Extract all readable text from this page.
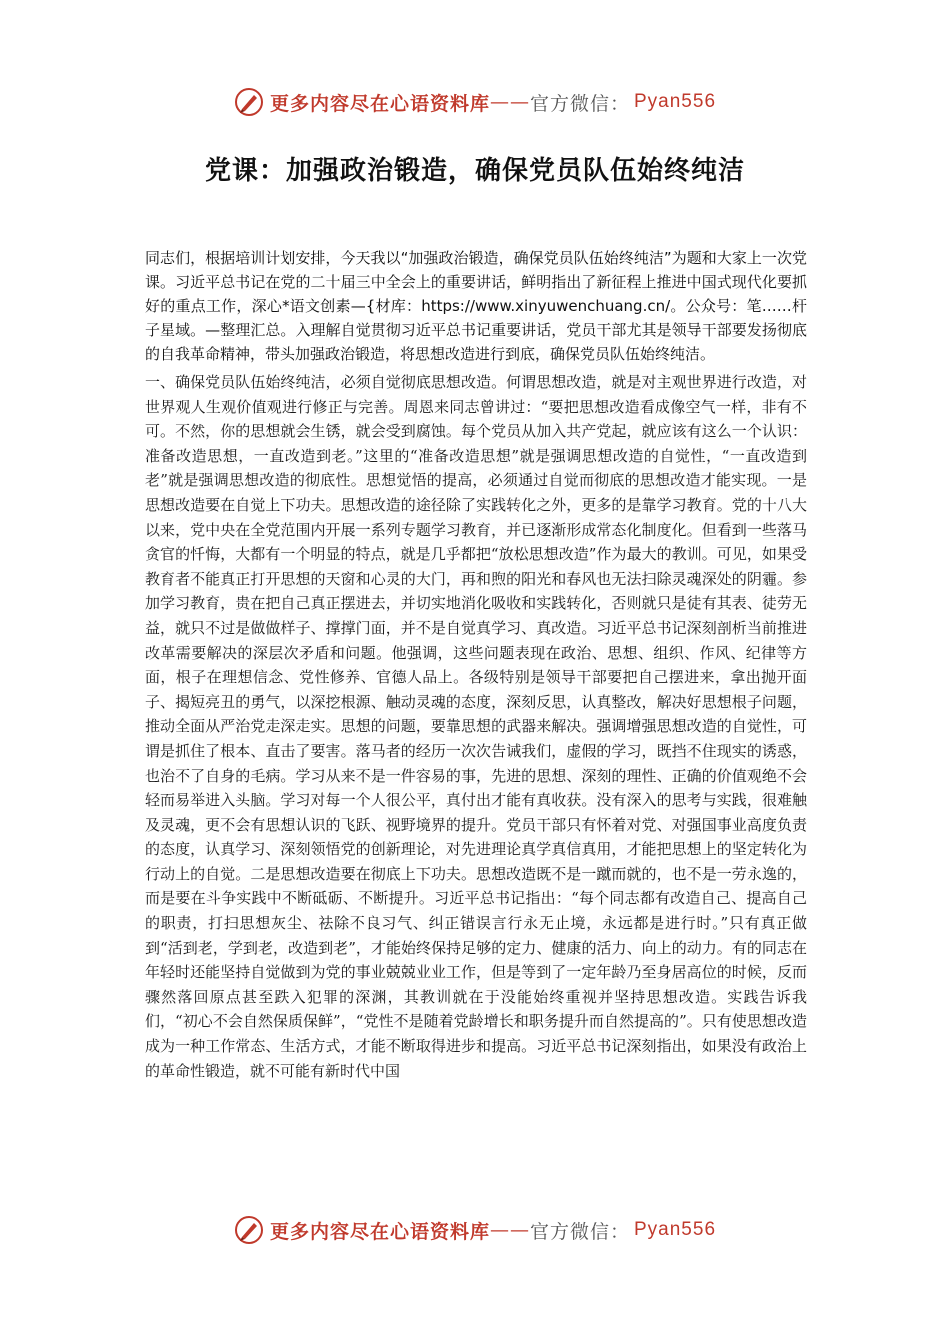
更多内容尽在心语资料库 —— 官方微信： Pyan556
党课：加强政治锻造，确保党员队伍始终纯洁

同志们，根据培训计划安排，今天我以“加强政治锻造，确保党员队伍始终纯洁”为题和大家上一次党课。习近平总书记在党的二十届三中全会上的重要讲话，鲜明指出了新征程上推进中国式现代化要抓好的重点工作，深心*语文创素—{材库：https://www.xinyuwenchuang.cn/。公众号：笔……杆子星域。—整理汇总。入理解自觉贯彻习近平总书记重要讲话，党员干部尤其是领导干部要发扬彻底的自我革命精神，带头加强政治锻造，将思想改造进行到底，确保党员队伍始终纯洁。

一、确保党员队伍始终纯洁，必须自觉彻底思想改造。何谓思想改造，就是对主观世界进行改造，对世界观人生观价值观进行修正与完善。周恩来同志曾讲过：“要把思想改造看成像空气一样，非有不可。不然，你的思想就会生锈，就会受到腐蚀。每个党员从加入共产党起，就应该有这么一个认识：准备改造思想，一直改造到老。”这里的“准备改造思想”就是强调思想改造的自觉性，“一直改造到老”就是强调思想改造的彻底性。思想觉悟的提高，必须通过自觉而彻底的思想改造才能实现。一是思想改造要在自觉上下功夫。思想改造的途径除了实践转化之外，更多的是靠学习教育。党的十八大以来，党中央在全党范围内开展一系列专题学习教育，并已逐渐形成常态化制度化。但看到一些落马贪官的忏悔，大都有一个明显的特点，就是几乎都把“放松思想改造”作为最大的教训。可见，如果受教育者不能真正打开思想的天窗和心灵的大门，再和煦的阳光和春风也无法扫除灵魂深处的阴霾。参加学习教育，贵在把自己真正摆进去，并切实地消化吸收和实践转化，否则就只是徒有其表、徒劳无益，就只不过是做做样子、撑撑门面，并不是自觉真学习、真改造。习近平总书记深刻剖析当前推进改革需要解决的深层次矛盾和问题。他强调，这些问题表现在政治、思想、组织、作风、纪律等方面，根子在理想信念、党性修养、官德人品上。各级特别是领导干部要把自己摆进来，拿出抛开面子、揭短亮丑的勇气，以深挖根源、触动灵魂的态度，深刻反思，认真整改，解决好思想根子问题，推动全面从严治党走深走实。思想的问题，要靠思想的武器来解决。强调增强思想改造的自觉性，可谓是抓住了根本、直击了要害。落马者的经历一次次告诫我们，虚假的学习，既挡不住现实的诱惑，也治不了自身的毛病。学习从来不是一件容易的事，先进的思想、深刻的理性、正确的价值观绝不会轻而易举进入头脑。学习对每一个人很公平，真付出才能有真收获。没有深入的思考与实践，很难触及灵魂，更不会有思想认识的飞跃、视野境界的提升。党员干部只有怀着对党、对强国事业高度负责的态度，认真学习、深刻领悟党的创新理论，对先进理论真学真信真用，才能把思想上的坚定转化为行动上的自觉。二是思想改造要在彻底上下功夫。思想改造既不是一蹴而就的，也不是一劳永逸的，而是要在斗争实践中不断砥砺、不断提升。习近平总书记指出：“每个同志都有改造自己、提高自己的职责，打扫思想灰尘、祛除不良习气、纠正错误言行永无止境，永远都是进行时。”只有真正做到“活到老，学到老，改造到老”，才能始终保持足够的定力、健康的活力、向上的动力。有的同志在年轻时还能坚持自觉做到为党的事业兢兢业业工作，但是等到了一定年龄乃至身居高位的时候，反而骤然落回原点甚至跌入犯罪的深渊，其教训就在于没能始终重视并坚持思想改造。实践告诉我们，“初心不会自然保质保鲜”，“党性不是随着党龄增长和职务提升而自然提高的”。只有使思想改造成为一种工作常态、生活方式，才能不断取得进步和提高。习近平总书记深刻指出，如果没有政治上的革命性锻造，就不可能有新时代中国

更多内容尽在心语资料库 —— 官方微信： Pyan556
